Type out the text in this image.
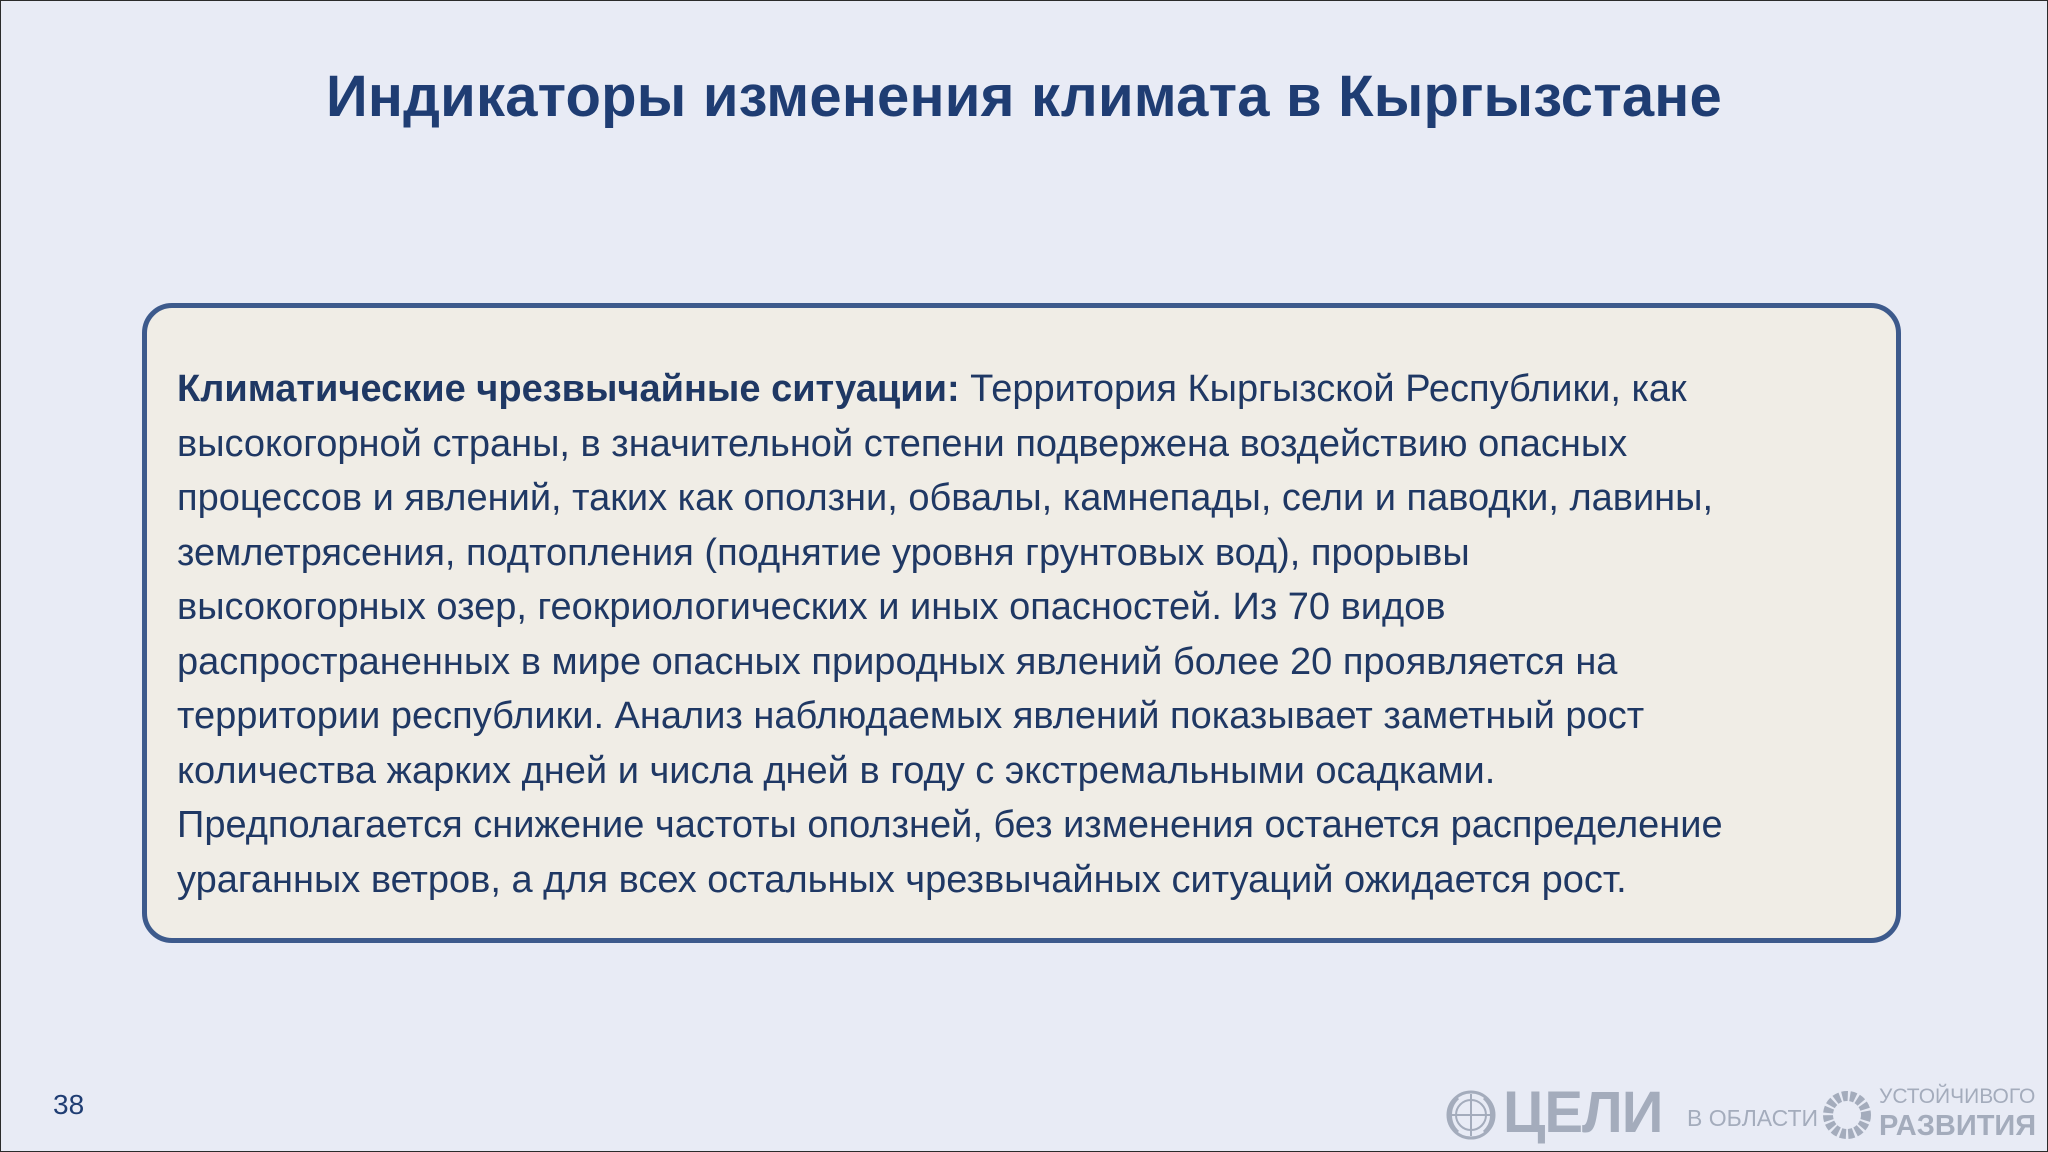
Индикаторы изменения климата в Кыргызстане

Климатические чрезвычайные ситуации: Территория Кыргызской Республики, как
высокогорной страны, в значительной степени подвержена воздействию опасных
процессов и явлений, таких как оползни, обвалы, камнепады, сели и паводки, лавины,
землетрясения, подтопления (поднятие уровня грунтовых вод), прорывы
высокогорных озер, геокриологических и иных опасностей. Из 70 видов
распространенных в мире опасных природных явлений более 20 проявляется на
территории республики. Анализ наблюдаемых явлений показывает заметный рост
количества жарких дней и числа дней в году с экстремальными осадками.
Предполагается снижение частоты оползней, без изменения останется распределение
ураганных ветров, а для всех остальных чрезвычайных ситуаций ожидается рост.

38	ЦЕЛИ В ОБЛАСТИ
УСТОЙЧИВОГО
РАЗВИТИЯ
